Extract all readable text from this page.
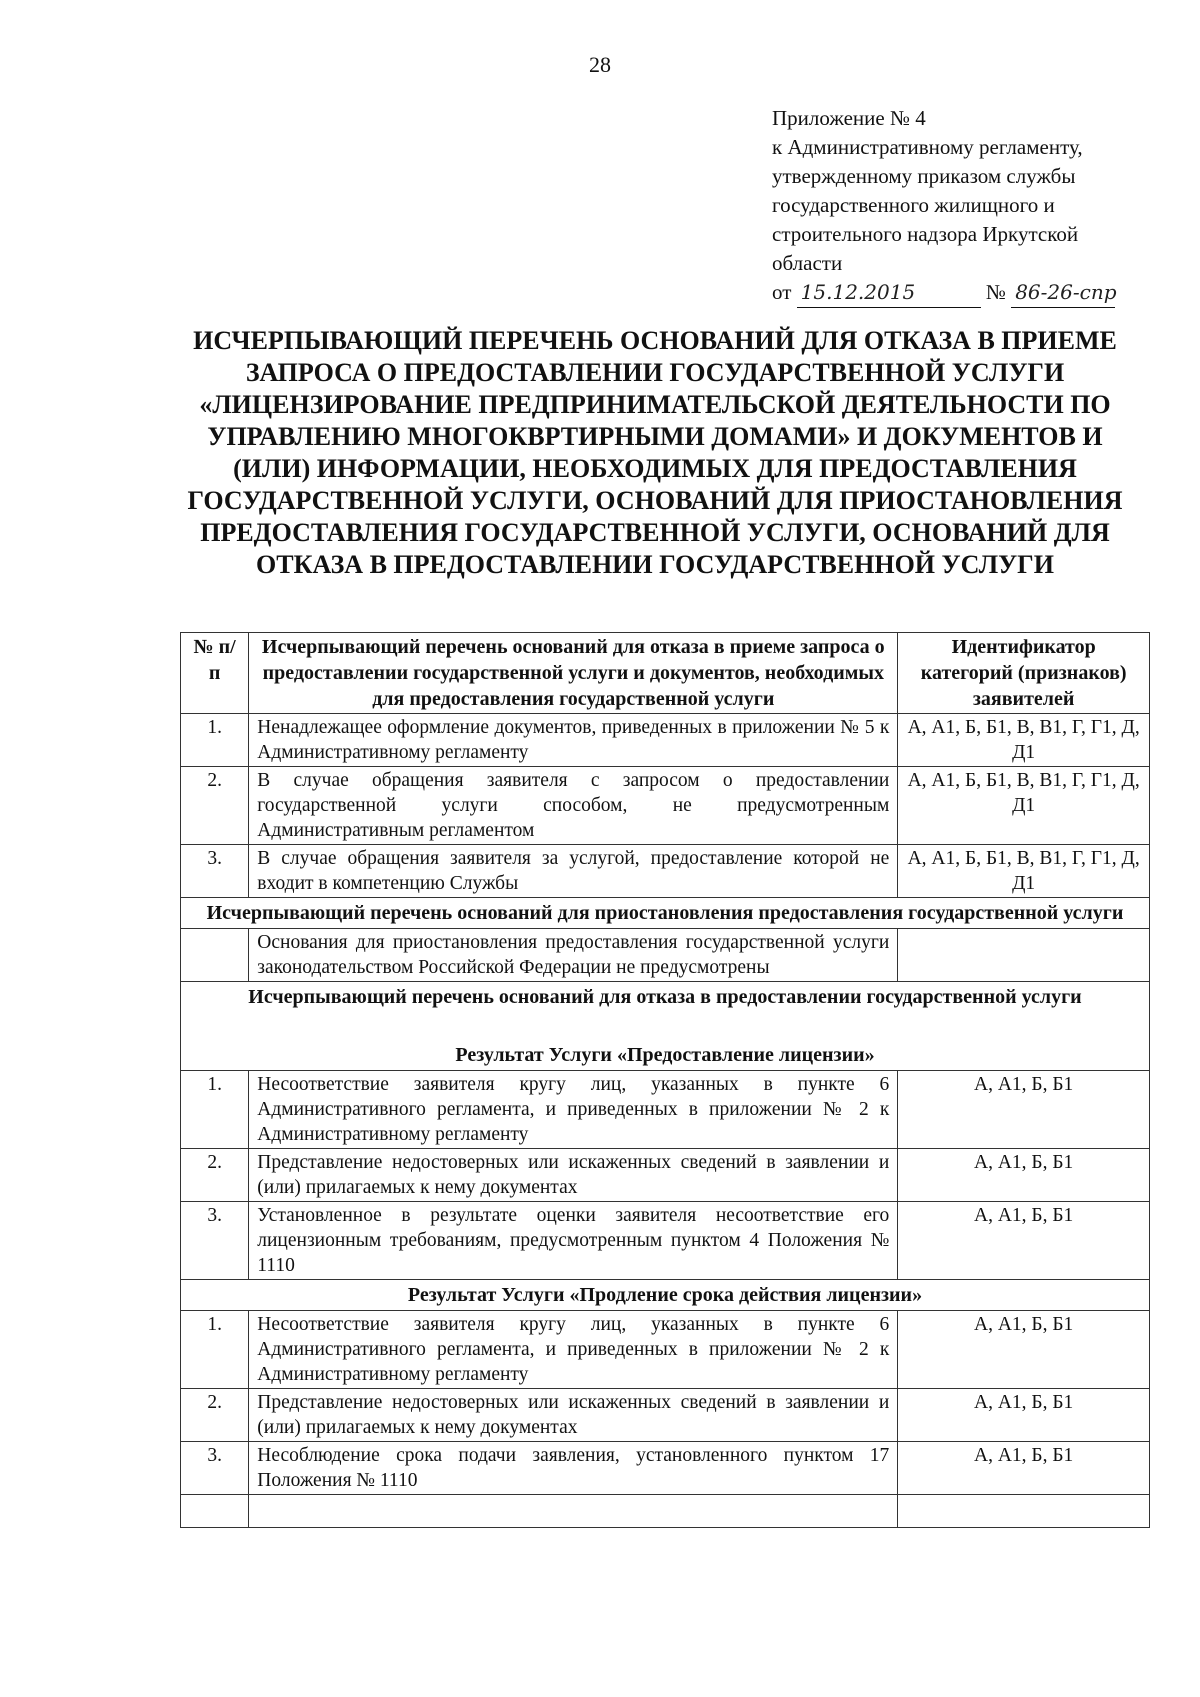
28
Приложение № 4
к Административному регламенту,
утвержденному приказом службы
государственного жилищного и
строительного надзора Иркутской
области
от 15.12.2015	№ 86-26-спр
ИСЧЕРПЫВАЮЩИЙ ПЕРЕЧЕНЬ ОСНОВАНИЙ ДЛЯ ОТКАЗА В ПРИЕМЕ
ЗАПРОСА О ПРЕДОСТАВЛЕНИИ ГОСУДАРСТВЕННОЙ УСЛУГИ
«ЛИЦЕНЗИРОВАНИЕ ПРЕДПРИНИМАТЕЛЬСКОЙ ДЕЯТЕЛЬНОСТИ ПО
УПРАВЛЕНИЮ МНОГОКВРТИРНЫМИ ДОМАМИ» И ДОКУМЕНТОВ И
(ИЛИ) ИНФОРМАЦИИ, НЕОБХОДИМЫХ ДЛЯ ПРЕДОСТАВЛЕНИЯ
ГОСУДАРСТВЕННОЙ УСЛУГИ, ОСНОВАНИЙ ДЛЯ ПРИОСТАНОВЛЕНИЯ
ПРЕДОСТАВЛЕНИЯ ГОСУДАРСТВЕННОЙ УСЛУГИ, ОСНОВАНИЙ ДЛЯ
ОТКАЗА В ПРЕДОСТАВЛЕНИИ ГОСУДАРСТВЕННОЙ УСЛУГИ
№ п/п	Исчерпывающий перечень оснований для отказа в приеме запроса о предоставлении государственной услуги и документов, необходимых для предоставления государственной услуги	Идентификатор категорий (признаков) заявителей
1.	Ненадлежащее оформление документов, приведенных в приложении № 5 к Административному регламенту	А, А1, Б, Б1, В, В1, Г, Г1, Д, Д1
2.	В случае обращения заявителя с запросом о предоставлении государственной услуги способом, не предусмотренным Административным регламентом	А, А1, Б, Б1, В, В1, Г, Г1, Д, Д1
3.	В случае обращения заявителя за услугой, предоставление которой не входит в компетенцию Службы	А, А1, Б, Б1, В, В1, Г, Г1, Д, Д1
Исчерпывающий перечень оснований для приостановления предоставления государственной услуги		
	Основания для приостановления предоставления государственной услуги законодательством Российской Федерации не предусмотрены	

Исчерпывающий перечень оснований для отказа в предоставлении государственной услуги
Результат Услуги «Предоставление лицензии»		

1.	Несоответствие заявителя кругу лиц, указанных в пункте 6 Административного регламента, и приведенных в приложении № 2 к Административному регламенту	А, А1, Б, Б1
2.	Представление недостоверных или искаженных сведений в заявлении и (или) прилагаемых к нему документах	А, А1, Б, Б1
3.	Установленное в результате оценки заявителя несоответствие его лицензионным требованиям, предусмотренным пунктом 4 Положения № 1110	А, А1, Б, Б1
Результат Услуги «Продление срока действия лицензии»		
1.	Несоответствие заявителя кругу лиц, указанных в пункте 6 Административного регламента, и приведенных в приложении № 2 к Административному регламенту	А, А1, Б, Б1
2.	Представление недостоверных или искаженных сведений в заявлении и (или) прилагаемых к нему документах	А, А1, Б, Б1
3.	Несоблюдение срока подачи заявления, установленного пунктом 17 Положения № 1110	А, А1, Б, Б1
